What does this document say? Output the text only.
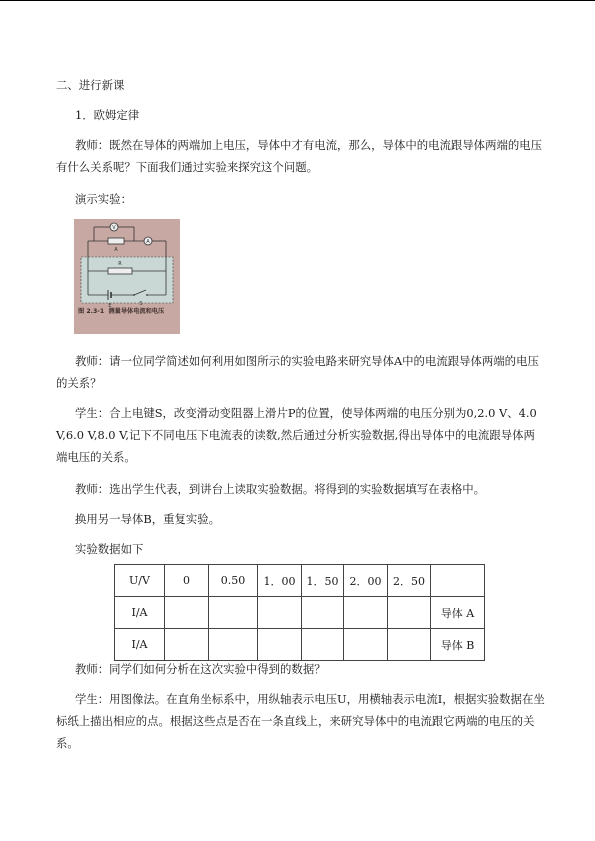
二、进行新课

1．欧姆定律

教师：既然在导体的两端加上电压，导体中才有电流，那么，导体中的电流跟导体两端的电压有什么关系呢？下面我们通过实验来探究这个问题。

演示实验：

V
A
A
R
E	S
图 2.3-1 测量导体电流和电压

教师：请一位同学简述如何利用如图所示的实验电路来研究导体A中的电流跟导体两端的电压的关系？

学生：合上电键S，改变滑动变阻器上滑片P的位置，使导体两端的电压分别为0,2.0 V、4.0 V,6.0 V,8.0 V,记下不同电压下电流表的读数,然后通过分析实验数据,得出导体中的电流跟导体两端电压的关系。

教师：选出学生代表，到讲台上读取实验数据。将得到的实验数据填写在表格中。

换用另一导体B，重复实验。

实验数据如下

U/V	0	0.50	1．00	1．50	2．00	2．50	
I/A							导体 A
I/A							导体 B

教师：同学们如何分析在这次实验中得到的数据？

学生：用图像法。在直角坐标系中，用纵轴表示电压U，用横轴表示电流I，根据实验数据在坐标纸上描出相应的点。根据这些点是否在一条直线上，来研究导体中的电流跟它两端的电压的关系。
